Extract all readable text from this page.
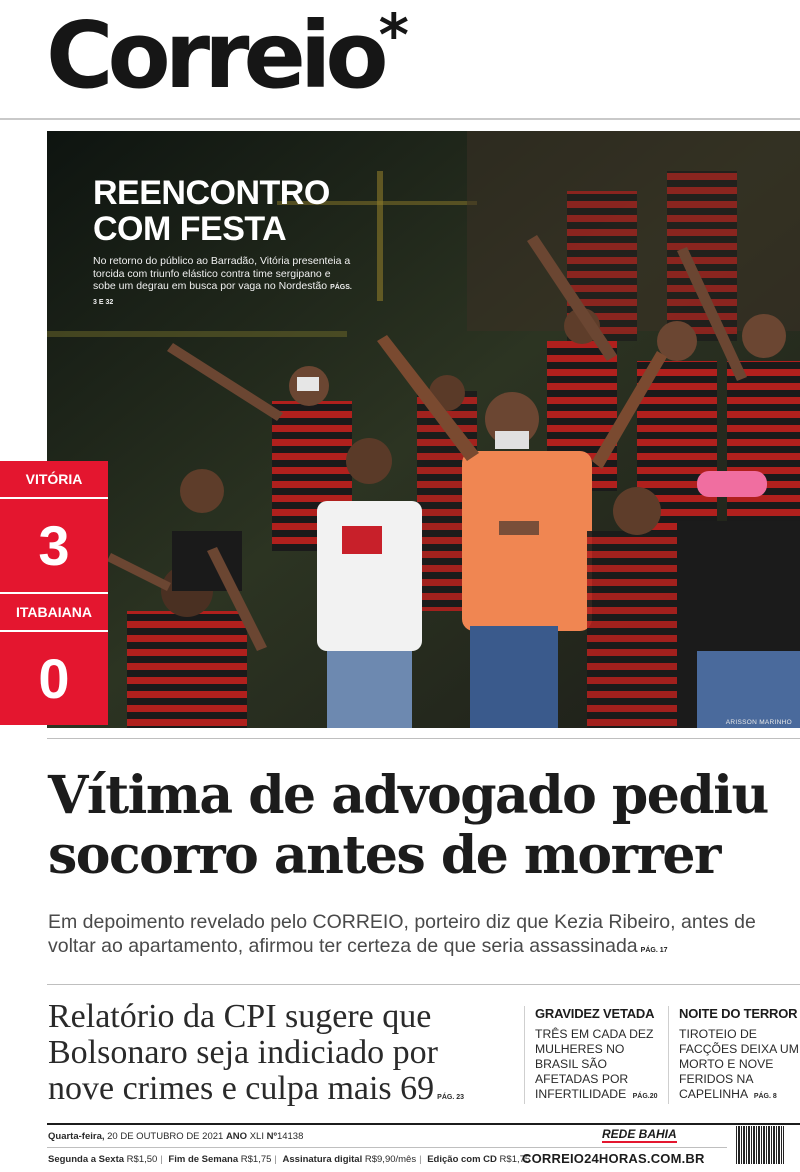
Correio
*
REENCONTRO COM FESTA
No retorno do público ao Barradão, Vitória presenteia a torcida com triunfo elástico contra time sergipano e sobe um degrau em busca por vaga no Nordestão PÁGS. 3 E 32
ARISSON MARINHO
VITÓRIA
3
ITABAIANA
0
Vítima de advogado pediu socorro antes de morrer
Em depoimento revelado pelo CORREIO, porteiro diz que Kezia Ribeiro, antes de voltar ao apartamento, afirmou ter certeza de que seria assassinada PÁG. 17
Relatório da CPI sugere que Bolsonaro seja indiciado por nove crimes e culpa mais 69 PÁG. 23
GRAVIDEZ VETADA

TRÊS EM CADA DEZ MULHERES NO BRASIL SÃO AFETADAS POR INFERTILIDADE PÁG.20

NOITE DO TERROR

TIROTEIO DE FACÇÕES DEIXA UM MORTO E NOVE FERIDOS NA CAPELINHA PÁG. 8

Quarta-feira, 20 DE OUTUBRO DE 2021 ANO XLI Nº14138	REDE BAHIA
Segunda a Sexta R$1,50 | Fim de Semana R$1,75 | Assinatura digital R$9,90/mês | Edição com CD R$1,75
CORREIO24HORAS.COM.BR
